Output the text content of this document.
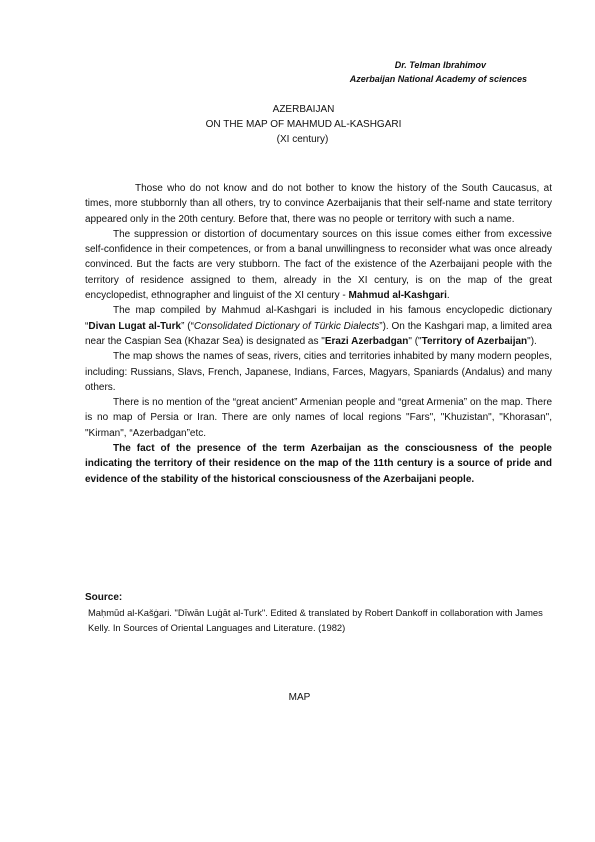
Dr. Telman Ibrahimov
Azerbaijan National Academy of sciences
AZERBAIJAN
ON THE MAP OF MAHMUD AL-KASHGARI
(XI century)

Those who do not know and do not bother to know the history of the South Caucasus, at times, more stubbornly than all others, try to convince Azerbaijanis that their self-name and state territory appeared only in the 20th century. Before that, there was no people or territory with such a name.

The suppression or distortion of documentary sources on this issue comes either from excessive self-confidence in their competences, or from a banal unwillingness to reconsider what was once already convinced. But the facts are very stubborn. The fact of the existence of the Azerbaijani people with the territory of residence assigned to them, already in the XI century, is on the map of the great encyclopedist, ethnographer and linguist of the XI century - Mahmud al-Kashgari.

The map compiled by Mahmud al-Kashgari is included in his famous encyclopedic dictionary “Divan Lugat al-Turk” (“Consolidated Dictionary of Türkic Dialects”). On the Kashgari map, a limited area near the Caspian Sea (Khazar Sea) is designated as "Erazi Azerbadgan" ("Territory of Azerbaijan").

The map shows the names of seas, rivers, cities and territories inhabited by many modern peoples, including: Russians, Slavs, French, Japanese, Indians, Farces, Magyars, Spaniards (Andalus) and many others.

There is no mention of the “great ancient” Armenian people and “great Armenia” on the map. There is no map of Persia or Iran. There are only names of local regions "Fars", "Khuzistan", "Khorasan", "Kirman", “Azerbadgan”etc.

The fact of the presence of the term Azerbaijan as the consciousness of the people indicating the territory of their residence on the map of the 11th century is a source of pride and evidence of the stability of the historical consciousness of the Azerbaijani people.

Source:
Maḥmūd al-Kašġari. "Dīwān Luġāt al-Turk". Edited & translated by Robert Dankoff in collaboration with James Kelly. In Sources of Oriental Languages and Literature. (1982)
MAP
